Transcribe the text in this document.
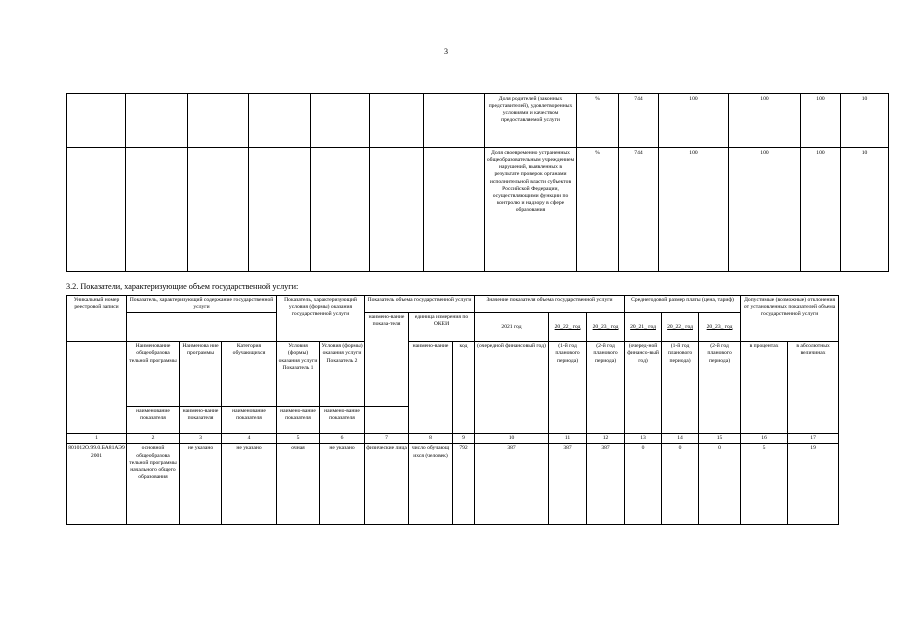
3
							Доля родителей (законных представителей), удовлетворенных условиями и качеством предоставляемой услуги	%	744	100	100	100	10
							Доля своевременно устраненных общеобразовательным учреждением нарушений, выявленных в результате проверок органами исполнительной власти субъектов Российской Федерации, осуществляющими функции по контролю и надзору в сфере образования	%	744	100	100	100	10
3.2. Показатели, характеризующие объем государственной услуги:
Уникальный номер реестровой записи	Показатель, характеризующий содержание государственной услуги			Показатель, характеризующий условия (формы) оказания государственной услуги		Показатель объема государственной услуги			Значение показателя объема государственной услуги			Среднегодовой размер платы (цена, тариф)			Допустимые (возможные) отклонения от установленных показателей объема государственной услуги	
						наимено-вание показа-теля	единица измерения по ОКЕИ		2021 год	20_22_ год	20_23_ год	20_21_ год	20_22_ год	20_23_ год		
	Наименование общеобразова тельной программы	Наименова ние программы	Категория обучающихся	Условия (формы) оказания услуги Показатель 1	Условия (формы) оказания услуги Показатель 2		наимено-вание	код							в процентах	в абсолютных величинах
									(очередной финансовый год)	(1-й год планового периода)	(2-й год планового периода)	(очеред-ной финансо-вый год)	(1-й год планового периода)	(2-й год планового периода)		
	наименование показателя	наимено-вание показателя	наименование показателя	наимено-вание показателя	наимено-вание показателя											
1	2	3	4	5	6	7	8	9	10	11	12	13	14	15	16	17
801012О.99.0.БА81АЭ92001	основной общеобразова тельной программы начального общего образования	не указано	не указано	очная	не указано	физические лица	число обучающ ихся (человек)	792	387	387	387	0	0	0	5	19
